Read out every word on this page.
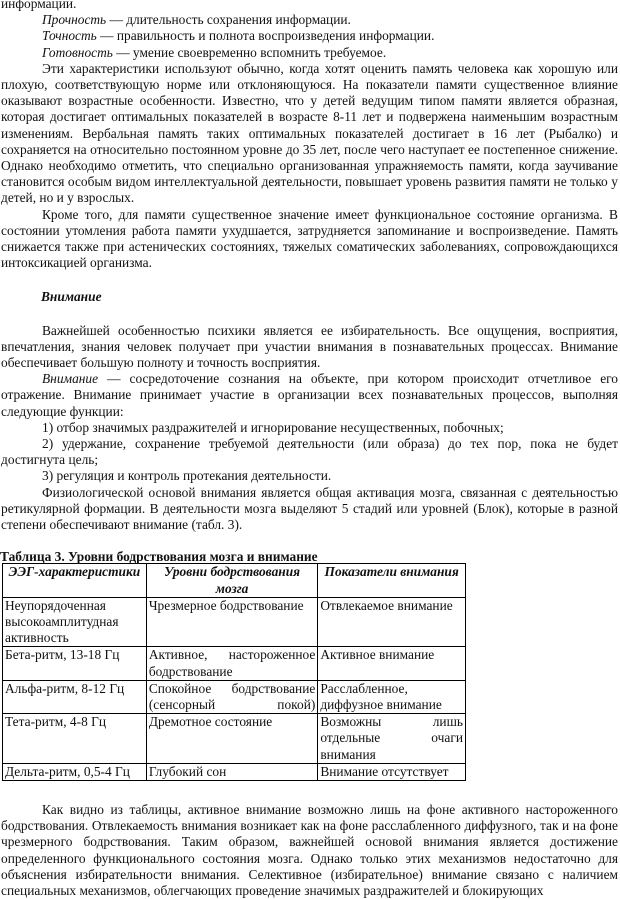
информации.

Прочность — длительность сохранения информации.

Точность — правильность и полнота воспроизведения информации.

Готовность — умение своевременно вспомнить требуемое.

Эти характеристики используют обычно, когда хотят оценить память человека как хорошую или плохую, соответствующую норме или отклоняющуюся. На показатели памяти существенное влияние оказывают возрастные особенности. Известно, что у детей ведущим типом памяти является образная, которая достигает оптимальных показателей в возрасте 8-11 лет и подвержена наименьшим возрастным изменениям. Вербальная память таких оптимальных показателей достигает в 16 лет (Рыбалко) и сохраняется на относительно постоянном уровне до 35 лет, после чего наступает ее постепенное снижение. Однако необходимо отметить, что специально организованная упражняемость памяти, когда заучивание становится особым видом интеллектуальной деятельности, повышает уровень развития памяти не только у детей, но и у взрослых.

Кроме того, для памяти существенное значение имеет функциональное состояние организма. В состоянии утомления работа памяти ухудшается, затрудняется запоминание и воспроизведение. Память снижается также при астенических состояниях, тяжелых соматических заболеваниях, сопровождающихся интоксикацией организма.

Внимание

Важнейшей особенностью психики является ее избирательность. Все ощущения, восприятия, впечатления, знания человек получает при участии внимания в познавательных процессах. Внимание обеспечивает большую полноту и точность восприятия.

Внимание — сосредоточение сознания на объекте, при котором происходит отчетливое его отражение. Внимание принимает участие в организации всех познавательных процессов, выполняя следующие функции:

1) отбор значимых раздражителей и игнорирование несущественных, побочных;

2) удержание, сохранение требуемой деятельности (или образа) до тех пор, пока не будет достигнута цель;

3) регуляция и контроль протекания деятельности.

Физиологической основой внимания является общая активация мозга, связанная с деятельностью ретикулярной формации. В деятельности мозга выделяют 5 стадий или уровней (Блок), которые в разной степени обеспечивают внимание (табл. 3).

Таблица 3. Уровни бодрствования мозга и внимание
ЭЭГ-характеристики	Уровни бодрствования мозга	Показатели внимания
Неупорядоченная высокоамплитудная активность	Чрезмерное бодрствование	Отвлекаемое внимание
Бета-ритм, 13-18 Гц	Активное, настороженное бодрствование	Активное внимание
Альфа-ритм, 8-12 Гц	Спокойное бодрствование (сенсорный покой)	Расслабленное, диффузное внимание
Тета-ритм, 4-8 Гц	Дремотное состояние	Возможны лишь отдельные очаги внимания
Дельта-ритм, 0,5-4 Гц	Глубокий сон	Внимание отсутствует

Как видно из таблицы, активное внимание возможно лишь на фоне активного настороженного бодрствования. Отвлекаемость внимания возникает как на фоне расслабленного диффузного, так и на фоне чрезмерного бодрствования. Таким образом, важнейшей основой внимания является достижение определенного функционального состояния мозга. Однако только этих механизмов недостаточно для объяснения избирательности внимания. Селективное (избирательное) внимание связано с наличием специальных механизмов, облегчающих проведение значимых раздражителей и блокирующих
